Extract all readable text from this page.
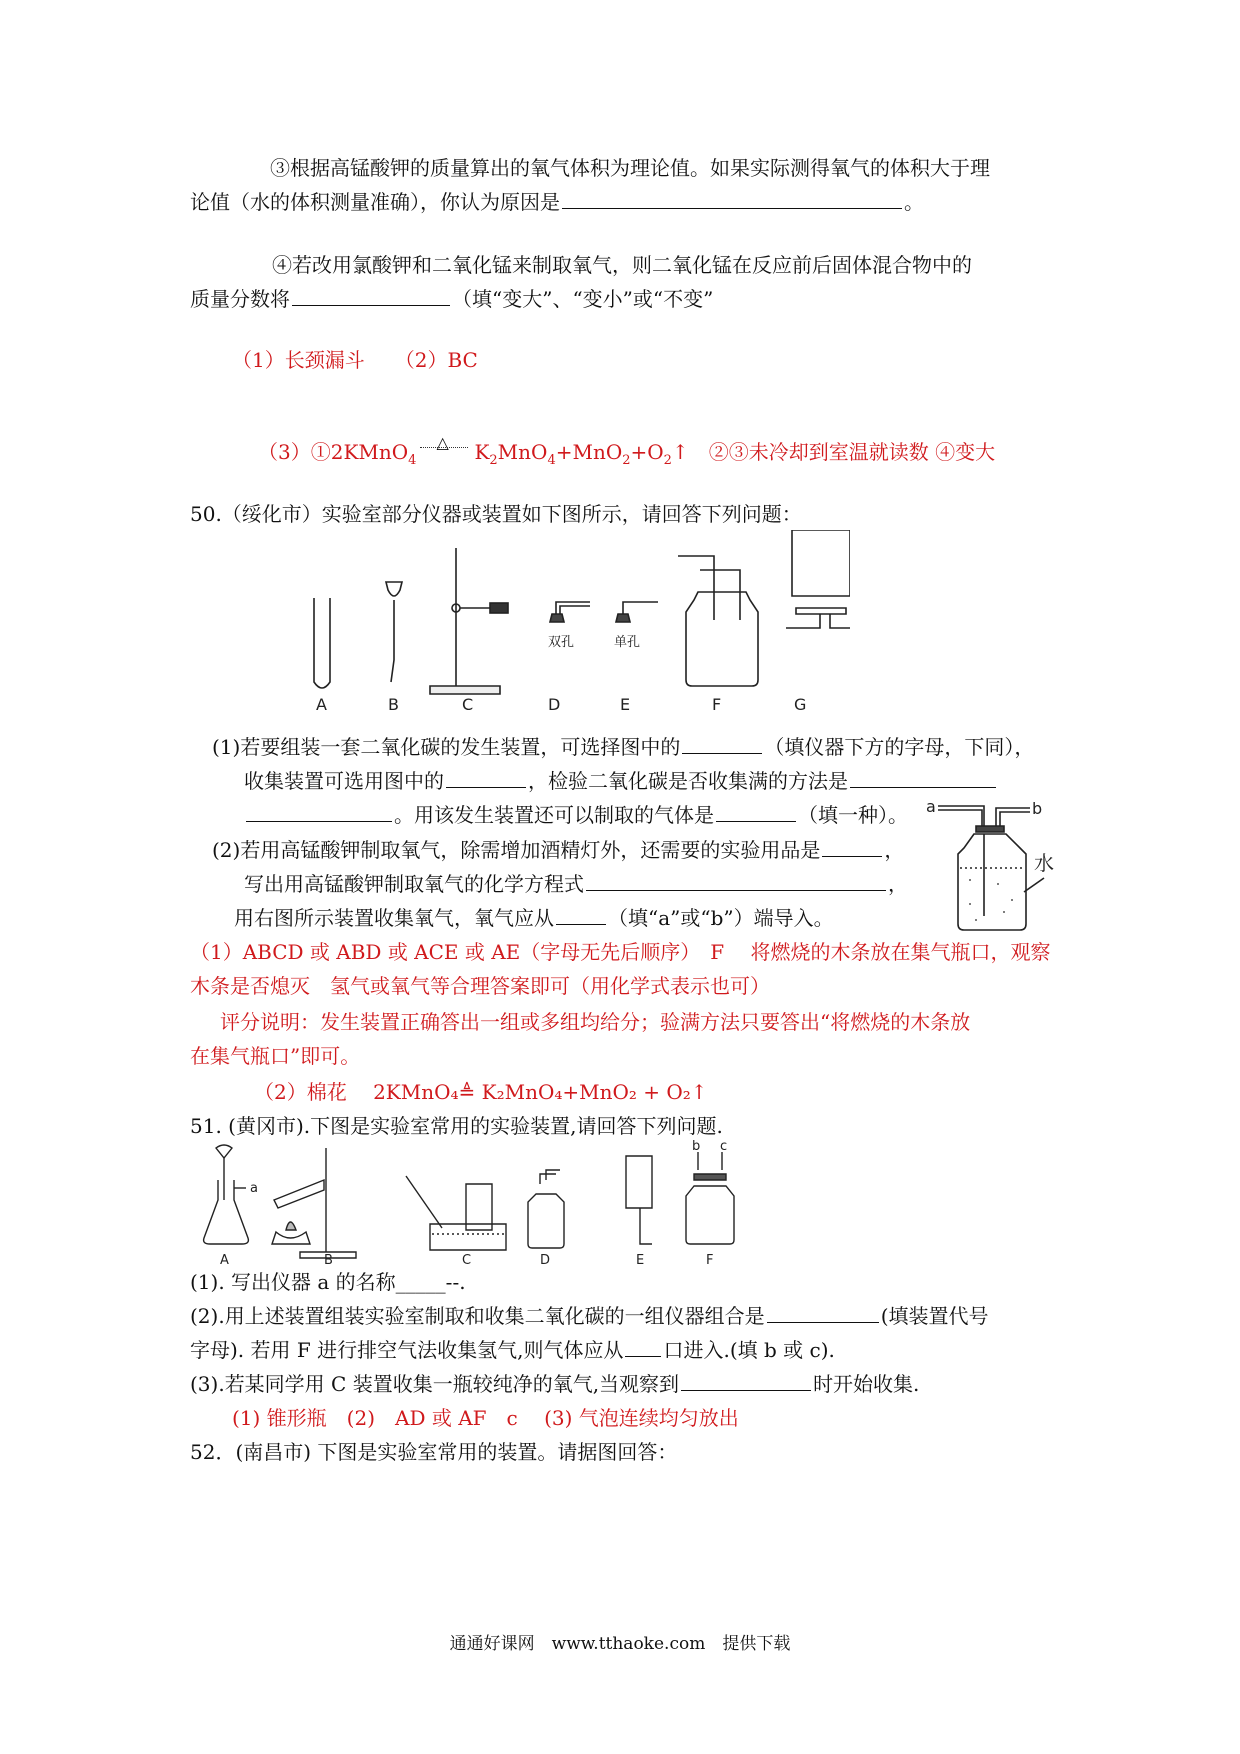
③根据高锰酸钾的质量算出的氧气体积为理论值。如果实际测得氧气的体积大于理
论值（水的体积测量准确），你认为原因是	。
④若改用氯酸钾和二氧化锰来制取氧气，则二氧化锰在反应前后固体混合物中的
质量分数将	（填“变大”、“变小”或“不变”
（1）长颈漏斗　　（2）BC
（3）①2KMnO$_4$
△ $K_2MnO_4+MnO_2+O_2↑$　②③未冷却到室温就读数 ④变大
50.（绥化市）实验室部分仪器或装置如下图所示，请回答下列问题：
双孔	单孔
A	B	C	D	E	F	G
(1)若要组装一套二氧化碳的发生装置，可选择图中的	（填仪器下方的字母，下同），
收集装置可选用图中的	，检验二氧化碳是否收集满的方法是
。用该发生装置还可以制取的气体是	（填一种）。 a	b
水
(2)若用高锰酸钾制取氧气，除需增加酒精灯外，还需要的实验用品是	，
写出用高锰酸钾制取氧气的化学方程式	，
用右图所示装置收集氧气，氧气应从	（填“a”或“b”）端导入。
（1）ABCD 或 ABD 或 ACE 或 AE（字母无先后顺序）　F　 将燃烧的木条放在集气瓶口，观察
木条是否熄灭　氢气或氧气等合理答案即可（用化学式表示也可）
评分说明：发生装置正确答出一组或多组均给分；验满方法只要答出“将燃烧的木条放
在集气瓶口”即可。
（2）棉花　 2KMnO₄≜ K₂MnO₄+MnO₂ + O₂↑
51. (黄冈市).下图是实验室常用的实验装置,请回答下列问题.
a
b c
A	B	C	D	E	F
(1). 写出仪器 a 的名称_____--.
(2).用上述装置组装实验室制取和收集二氧化碳的一组仪器组合是	(填装置代号
字母). 若用 F 进行排空气法收集氢气,则气体应从 口进入.(填 b 或 c).
(3).若某同学用 C 装置收集一瓶较纯净的氧气,当观察到	时开始收集.
(1) 锥形瓶　(2)　AD 或 AF　c　 (3) 气泡连续均匀放出
52．(南昌市) 下图是实验室常用的装置。请据图回答：
通通好课网　www.tthaoke.com　提供下载
